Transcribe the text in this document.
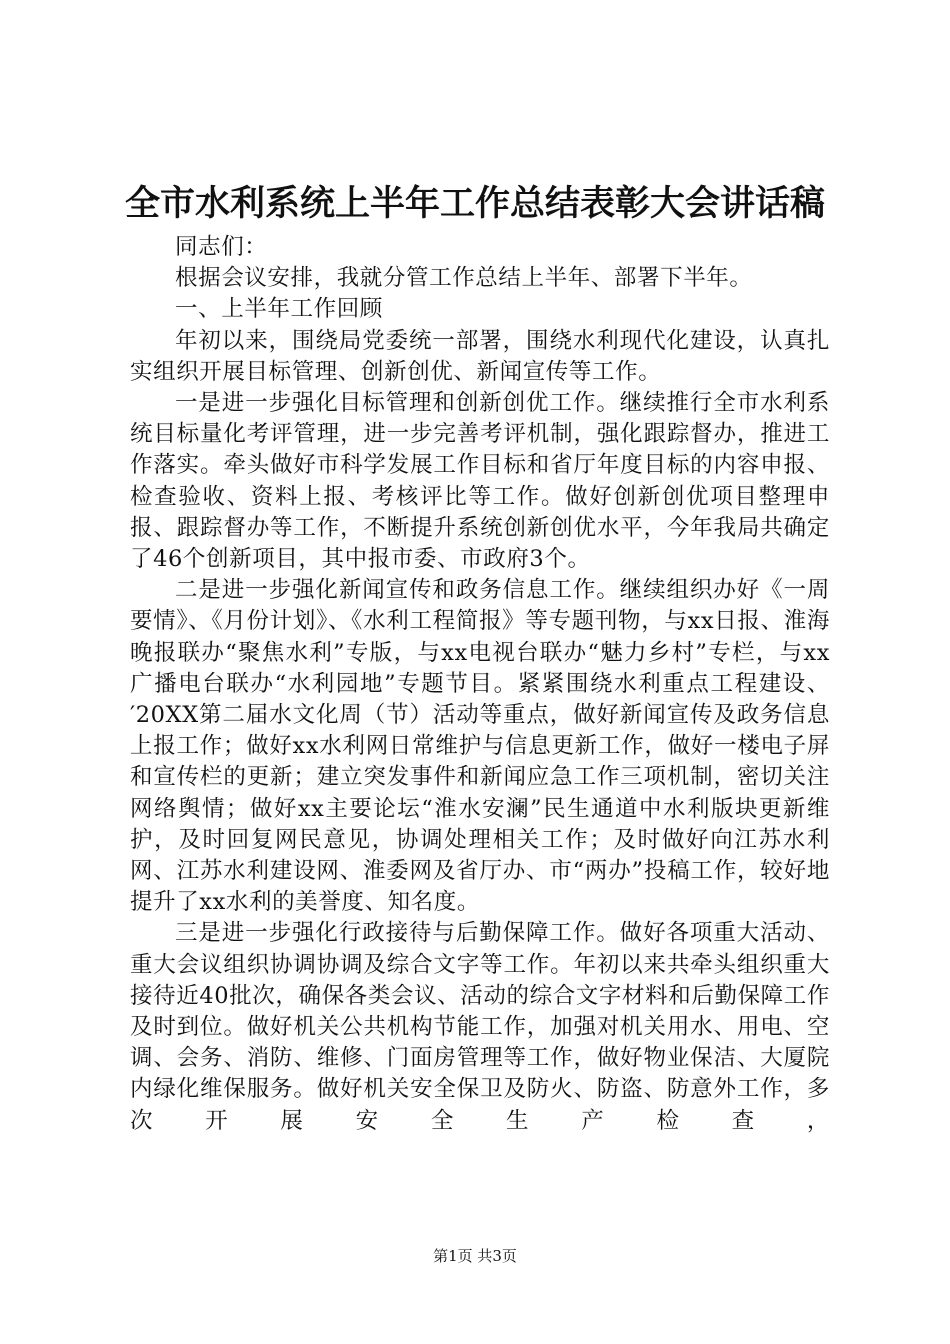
全市水利系统上半年工作总结表彰大会讲话稿

同志们：

根据会议安排，我就分管工作总结上半年、部署下半年。

一、上半年工作回顾

年初以来，围绕局党委统一部署，围绕水利现代化建设，认真扎实组织开展目标管理、创新创优、新闻宣传等工作。

一是进一步强化目标管理和创新创优工作。继续推行全市水利系统目标量化考评管理，进一步完善考评机制，强化跟踪督办，推进工作落实。牵头做好市科学发展工作目标和省厅年度目标的内容申报、检查验收、资料上报、考核评比等工作。做好创新创优项目整理申报、跟踪督办等工作，不断提升系统创新创优水平，今年我局共确定了46个创新项目，其中报市委、市政府3个。

二是进一步强化新闻宣传和政务信息工作。继续组织办好《一周要情》、《月份计划》、《水利工程简报》等专题刊物，与xx日报、淮海晚报联办“聚焦水利”专版，与xx电视台联办“魅力乡村”专栏，与xx广播电台联办“水利园地”专题节目。紧紧围绕水利重点工程建设、′20XX第二届水文化周（节）活动等重点，做好新闻宣传及政务信息上报工作；做好xx水利网日常维护与信息更新工作，做好一楼电子屏和宣传栏的更新；建立突发事件和新闻应急工作三项机制，密切关注网络舆情；做好xx主要论坛“淮水安澜”民生通道中水利版块更新维护，及时回复网民意见，协调处理相关工作；及时做好向江苏水利网、江苏水利建设网、淮委网及省厅办、市“两办”投稿工作，较好地提升了xx水利的美誉度、知名度。

三是进一步强化行政接待与后勤保障工作。做好各项重大活动、重大会议组织协调协调及综合文字等工作。年初以来共牵头组织重大接待近40批次，确保各类会议、活动的综合文字材料和后勤保障工作及时到位。做好机关公共机构节能工作，加强对机关用水、用电、空调、会务、消防、维修、门面房管理等工作，做好物业保洁、大厦院内绿化维保服务。做好机关安全保卫及防火、防盗、防意外工作，多次开展安全生产检查，

第1页 共3页
